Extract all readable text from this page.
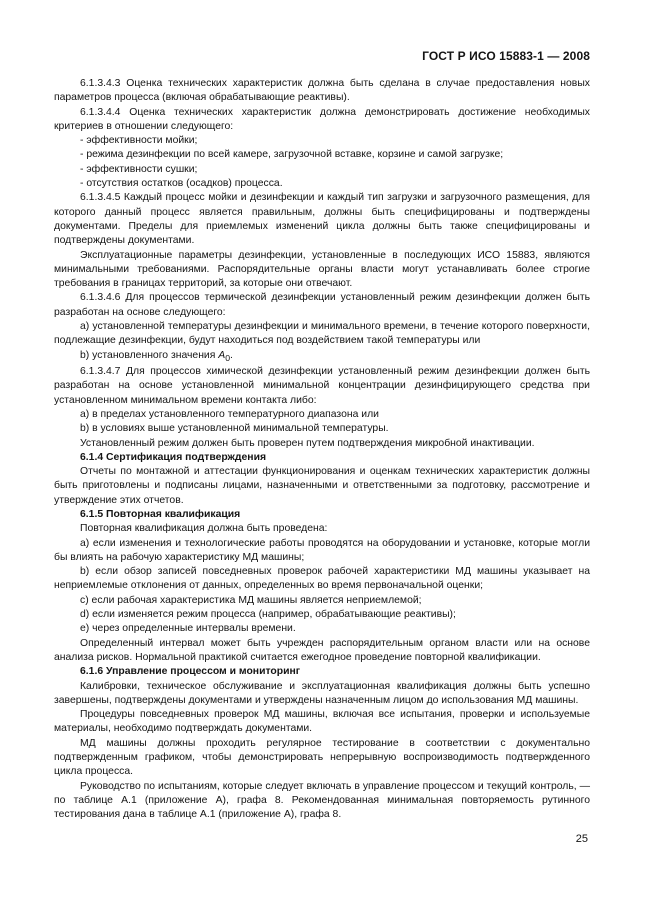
ГОСТ Р ИСО 15883-1 — 2008

6.1.3.4.3 Оценка технических характеристик должна быть сделана в случае предоставления новых параметров процесса (включая обрабатывающие реактивы).

6.1.3.4.4 Оценка технических характеристик должна демонстрировать достижение необходимых критериев в отношении следующего:

- эффективности мойки;

- режима дезинфекции по всей камере, загрузочной вставке, корзине и самой загрузке;

- эффективности сушки;

- отсутствия остатков (осадков) процесса.

6.1.3.4.5 Каждый процесс мойки и дезинфекции и каждый тип загрузки и загрузочного размещения, для которого данный процесс является правильным, должны быть специфицированы и подтверждены документами. Пределы для приемлемых изменений цикла должны быть также специфицированы и подтверждены документами.

Эксплуатационные параметры дезинфекции, установленные в последующих ИСО 15883, являются минимальными требованиями. Распорядительные органы власти могут устанавливать более строгие требования в границах территорий, за которые они отвечают.

6.1.3.4.6 Для процессов термической дезинфекции установленный режим дезинфекции должен быть разработан на основе следующего:

а) установленной температуры дезинфекции и минимального времени, в течение которого поверхности, подлежащие дезинфекции, будут находиться под воздействием такой температуры или

b) установленного значения $A_0$.

6.1.3.4.7 Для процессов химической дезинфекции установленный режим дезинфекции должен быть разработан на основе установленной минимальной концентрации дезинфицирующего средства при установленном минимальном времени контакта либо:

а) в пределах установленного температурного диапазона или

b) в условиях выше установленной минимальной температуры.

Установленный режим должен быть проверен путем подтверждения микробной инактивации.

6.1.4 Сертификация подтверждения

Отчеты по монтажной и аттестации функционирования и оценкам технических характеристик должны быть приготовлены и подписаны лицами, назначенными и ответственными за подготовку, рассмотрение и утверждение этих отчетов.

6.1.5 Повторная квалификация

Повторная квалификация должна быть проведена:

а) если изменения и технологические работы проводятся на оборудовании и установке, которые могли бы влиять на рабочую характеристику МД машины;

b) если обзор записей повседневных проверок рабочей характеристики МД машины указывает на неприемлемые отклонения от данных, определенных во время первоначальной оценки;

с) если рабочая характеристика МД машины является неприемлемой;

d) если изменяется режим процесса (например, обрабатывающие реактивы);

е) через определенные интервалы времени.

Определенный интервал может быть учрежден распорядительным органом власти или на основе анализа рисков. Нормальной практикой считается ежегодное проведение повторной квалификации.

6.1.6 Управление процессом и мониторинг

Калибровки, техническое обслуживание и эксплуатационная квалификация должны быть успешно завершены, подтверждены документами и утверждены назначенным лицом до использования МД машины.

Процедуры повседневных проверок МД машины, включая все испытания, проверки и используемые материалы, необходимо подтверждать документами.

МД машины должны проходить регулярное тестирование в соответствии с документально подтвержденным графиком, чтобы демонстрировать непрерывную воспроизводимость подтвержденного цикла процесса.

Руководство по испытаниям, которые следует включать в управление процессом и текущий контроль, — по таблице А.1 (приложение А), графа 8. Рекомендованная минимальная повторяемость рутинного тестирования дана в таблице А.1 (приложение А), графа 8.

25
